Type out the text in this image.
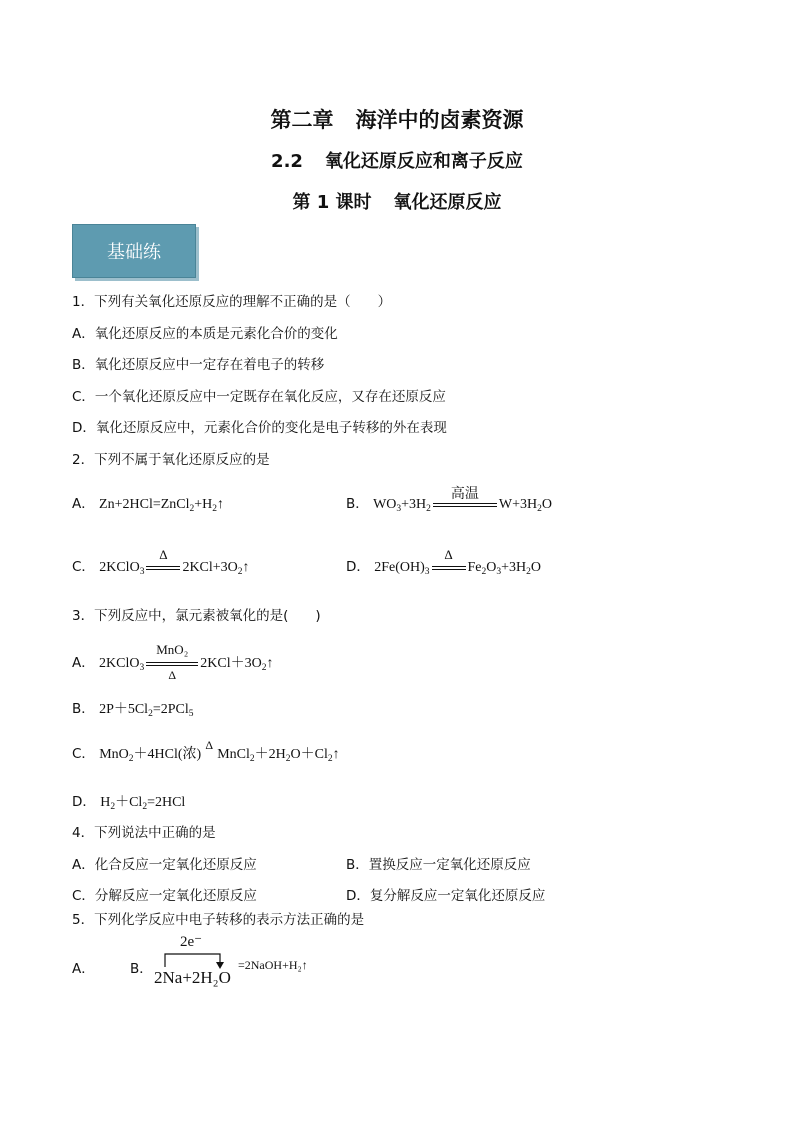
第二章 海洋中的卤素资源
2.2 氧化还原反应和离子反应
第 1 课时 氧化还原反应
基础练
1．下列有关氧化还原反应的理解不正确的是（　　）
A．氧化还原反应的本质是元素化合价的变化
B．氧化还原反应中一定存在着电子的转移
C．一个氧化还原反应中一定既存在氧化反应，又存在还原反应
D．氧化还原反应中，元素化合价的变化是电子转移的外在表现
2．下列不属于氧化还原反应的是
A． $Zn+2HCl=ZnCl_2+H_2↑$	B． $WO_3+3H_2$
高温
$W+3H_2O$
C． 2KClO$_3$
Δ
$2KCl+3O_2↑$	D． $2Fe(OH)_3$
Δ
$Fe_2O_3+3H_2O$
3．下列反应中，氯元素被氧化的是(　　)
A． 2KClO$_3$
MnO₂
Δ
$2KCl+3O_2↑$
B． $2P+5Cl_2=2PCl_5$
C． MnO$_2$＋4HCl(浓)
Δ
$MnCl_2+2H_2O+Cl_2↑$
D． $H_2+Cl_2=2HCl$
4．下列说法中正确的是
A．化合反应一定氧化还原反应	B．置换反应一定氧化还原反应
C．分解反应一定氧化还原反应	D．复分解反应一定氧化还原反应
5．下列化学反应中电子转移的表示方法正确的是
A．	B．
2e⁻
2Na+2H₂O
=2NaOH+H₂↑
